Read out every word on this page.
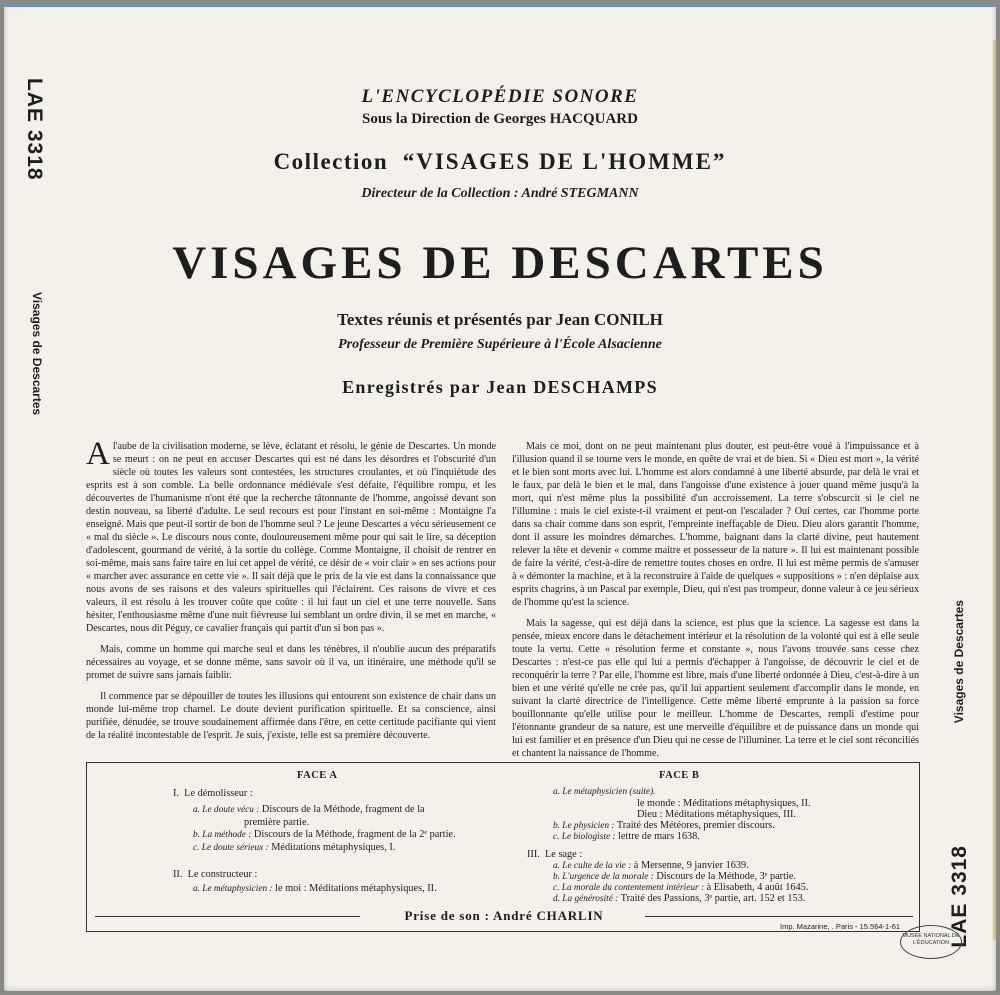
LAE 3318
Visages de Descartes
Visages de Descartes
LAE 3318
L'ENCYCLOPÉDIE SONORE
Sous la Direction de Georges HACQUARD
Collection “VISAGES DE L'HOMME”
Directeur de la Collection : André STEGMANN
VISAGES DE DESCARTES
Textes réunis et présentés par Jean CONILH
Professeur de Première Supérieure à l'École Alsacienne
Enregistrés par Jean DESCHAMPS

Al'aube de la civilisation moderne, se lève, éclatant et résolu, le génie de Descartes. Un monde se meurt : on ne peut en accuser Descartes qui est né dans les désordres et l'obscurité d'un siècle où toutes les valeurs sont contestées, les structures croulantes, et où l'inquiétude des esprits est à son comble. La belle ordonnance médiévale s'est défaite, l'équilibre rompu, et les découvertes de l'humanisme n'ont été que la recherche tâtonnante de l'homme, angoissé devant son destin nouveau, sa liberté d'adulte. Le seul recours est pour l'instant en soi-même : Montaigne l'a enseigné. Mais que peut-il sortir de bon de l'homme seul ? Le jeune Descartes a vécu sérieusement ce « mal du siècle ». Le discours nous conte, douloureusement même pour qui sait le lire, sa déception d'adolescent, gourmand de vérité, à la sortie du collège. Comme Montaigne, il choisit de rentrer en soi-même, mais sans faire taire en lui cet appel de vérité, ce désir de « voir clair » en ses actions pour « marcher avec assurance en cette vie ». Il sait déjà que le prix de la vie est dans la connaissance que nous avons de ses raisons et des valeurs spirituelles qui l'éclairent. Ces raisons de vivre et ces valeurs, il est résolu à les trouver coûte que coûte : il lui faut un ciel et une terre nouvelle. Sans hésiter, l'enthousiasme même d'une nuit fiévreuse lui semblant un ordre divin, il se met en marche, « Descartes, nous dit Péguy, ce cavalier français qui partit d'un si bon pas ».

Mais, comme un homme qui marche seul et dans les ténèbres, il n'oublie aucun des préparatifs nécessaires au voyage, et se donne même, sans savoir où il va, un itinéraire, une méthode qu'il se promet de suivre sans jamais faiblir.

Il commence par se dépouiller de toutes les illusions qui entourent son existence de chair dans un monde lui-même trop charnel. Le doute devient purification spirituelle. Et sa conscience, ainsi purifiée, dénudée, se trouve soudainement affirmée dans l'être, en cette certitude pacifiante qui vient de la réalité incontestable de l'esprit. Je suis, j'existe, telle est sa première découverte.

Mais ce moi, dont on ne peut maintenant plus douter, est peut-être voué à l'impuissance et à l'illusion quand il se tourne vers le monde, en quête de vrai et de bien. Si « Dieu est mort », la vérité et le bien sont morts avec lui. L'homme est alors condamné à une liberté absurde, par delà le vrai et le faux, par delà le bien et le mal, dans l'angoisse d'une existence à jouer quand même jusqu'à la mort, qui n'est même plus la possibilité d'un accroissement. La terre s'obscurcit si le ciel ne l'illumine : mais le ciel existe-t-il vraiment et peut-on l'escalader ? Oui certes, car l'homme porte dans sa chair comme dans son esprit, l'empreinte ineffaçable de Dieu. Dieu alors garantit l'homme, dont il assure les moindres démarches. L'homme, baignant dans la clarté divine, peut hautement relever la tête et devenir « comme maître et possesseur de la nature ». Il lui est maintenant possible de faire la vérité, c'est-à-dire de remettre toutes choses en ordre. Il lui est même permis de s'amuser à « démonter la machine, et à la reconstruire à l'aide de quelques « suppositions » : n'en déplaise aux esprits chagrins, à un Pascal par exemple, Dieu, qui n'est pas trompeur, donne valeur à ce jeu sérieux de l'homme qu'est la science.

Mais la sagesse, qui est déjà dans la science, est plus que la science. La sagesse est dans la pensée, mieux encore dans le détachement intérieur et la résolution de la volonté qui est à elle seule toute la vertu. Cette « résolution ferme et constante », nous l'avons trouvée sans cesse chez Descartes : n'est-ce pas elle qui lui a permis d'échapper à l'angoisse, de découvrir le ciel et de reconquérir la terre ? Par elle, l'homme est libre, mais d'une liberté ordonnée à Dieu, c'est-à-dire à un bien et une vérité qu'elle ne crée pas, qu'il lui appartient seulement d'accomplir dans le monde, en suivant la clarté directrice de l'intelligence. Cette même liberté emprunte à la passion sa force bouillonnante qu'elle utilise pour le meilleur. L'homme de Descartes, rempli d'estime pour l'étonnante grandeur de sa nature, est une merveille d'équilibre et de puissance dans un monde qui lui est familier et en présence d'un Dieu qui ne cesse de l'illuminer. La terre et le ciel sont réconciliés et chantent la naissance de l'homme.

FACE A	FACE B
I.  Le démolisseur :
a. Le doute vécu : Discours de la Méthode, fragment de la
première partie.
b. La méthode : Discours de la Méthode, fragment de la 2ᵉ partie.
c. Le doute sérieux : Méditations métaphysiques, I.
II.  Le constructeur :
a. Le métaphysicien : le moi : Méditations métaphysiques, II.
a. Le métaphysicien (suite).
le monde : Méditations métaphysiques, II.
Dieu : Méditations métaphysiques, III.
b. Le physicien : Traité des Météores, premier discours.
c. Le biologiste : lettre de mars 1638.
III.  Le sage :
a. Le culte de la vie : à Mersenne, 9 janvier 1639.
b. L'urgence de la morale : Discours de la Méthode, 3ᵉ partie.
c. La morale du contentement intérieur : à Elisabeth, 4 août 1645.
d. La générosité : Traité des Passions, 3ᵉ partie, art. 152 et 153.
Prise de son : André CHARLIN
Imp. Mazarine, . Paris - 15.564-1-61
MUSÉE NATIONAL DE L'ÉDUCATION
